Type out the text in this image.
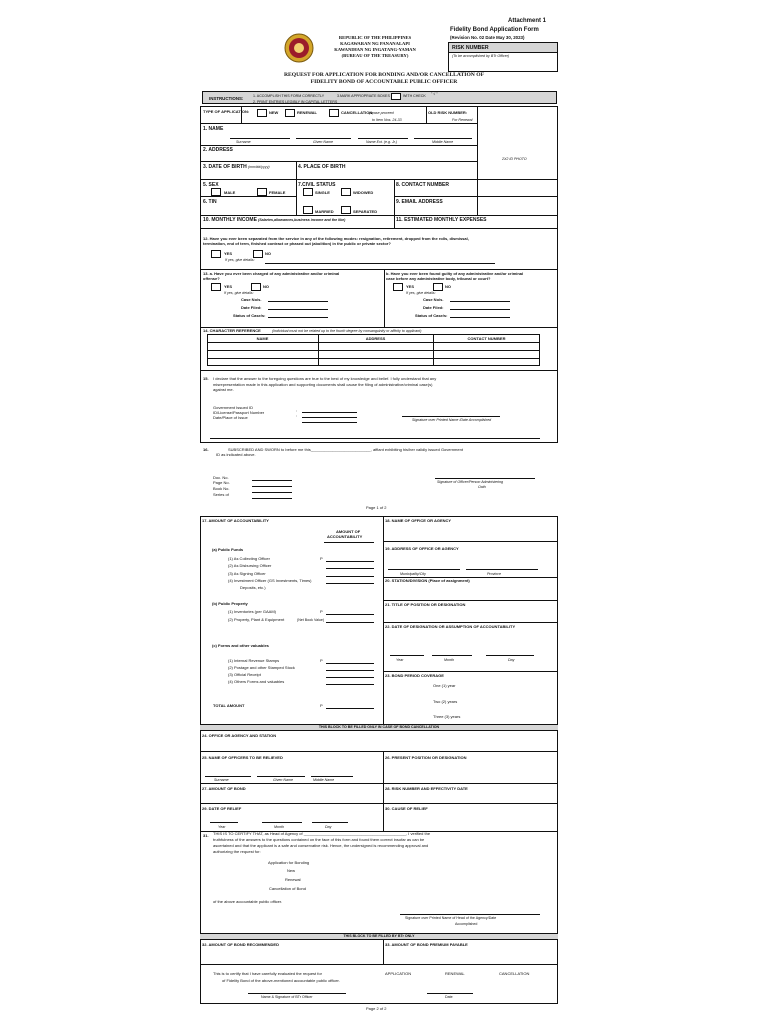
REPUBLIC OF THE PHILIPPINES
KAGAWARAN NG PANANALAPI
KAWANIHAN NG INGATANG-YAMAN
(BUREAU OF THE TREASURY)
Attachment 1
Fidelity Bond Application Form
(Revision No. 02 Date May 30, 2023)
RISK NUMBER
(To be accomplished by BTr Officer)
REQUEST FOR APPLICATION FOR BONDING AND/OR CANCELLATION OF
FIDELITY BOND OF ACCOUNTABLE PUBLIC OFFICER
INSTRUCTIONS:
1. ACCOMPLISH THIS FORM CORRECTLY
2. PRINT ENTRIES LEGIBLY IN CAPITAL LETTERS
3.MARK APPROPRIATE BOXES	WITH CHECK " √ "
TYPE OF APPLICATION:	NEW	RENEWAL	CANCELLATION,
please proceed
to Item Nos. 24-33
OLD RISK NUMBER:
For Renewal
1. NAME
Surname	Given Name	Name Ext. (e.g. Jr.)	Middle Name
2X2 ID PHOTO
2. ADDRESS
3. DATE OF BIRTH (mm/dd/yyyy)	4. PLACE OF BIRTH
5. SEX
MALE	FEMALE
7.CIVIL STATUS
SINGLE	WIDOWED
8. CONTACT NUMBER
6. TIN
MARRIED	SEPARATED
9. EMAIL ADDRESS
10. MONTHLY INCOME (Salaries,allowances,business income and the like)	11. ESTIMATED MONTHLY EXPENSES
12. Have you ever been separated from the service in any of the following modes: resignation, retirement, dropped from the rolls, dismissal,
termination, end of term, finished contract or phased out (abolition) in the public or private sector?
YES	NO
If yes, give details:
13. a. Have you ever been charged of any administrative and/or criminal
offense?
YES	NO
If yes, give details:
Case No/s.
Date Filed:
Status of Case/s:
b. Have you ever been found guilty of any administrative and/or criminal
case before any administrative body, tribunal or court?
YES	NO
If yes, give details:
Case No/s.
Date Filed:
Status of Case/s:
14. CHARACTER REFERENCE	(Individual must not be related up to the fourth degree by consanguinity or affinity to applicant)
NAME	ADDRESS	CONTACT NUMBER
15. I declare that the answer to the foregoing questions are true to the best of my knowledge and belief. I fully understand that any
misrepresentation made in this application and supporting documents shall cause the filing of administrative/criminal case(s)
against me.
Government Issued ID
ID/License/Passport Number
Date/Place of Issue
:
:
Signature over Printed Name /Date Accomplished
16.	SUBSCRIBED AND SWORN to before me this___________________________, affiant exhibiting his/her validly issued Government
ID as indicated above.
Doc. No.
Page No.
Book No.
Series of
Signature of Officer/Person Administering
Oath
Page 1 of 2
17. AMOUNT OF ACCOUNTABILITY
AMOUNT OF
ACCOUNTABILITY
(a) Public Funds
(1) As Collecting Officer
(2) As Disbursing Officer
(3) As Signing Officer
(4) Investment Officer (GS Investments, Times)
Deposits, etc.)
P
(b) Public Property
(1) Inventories (per GAAM)
(2) Property, Plant & Equipment	(Net Book Value)
P
(c) Forms and other valuables
(1) Internal Revenue Stamps
(2) Postage and other Stamped Stock
(3) Official Receipt
(4) Others Forms and valuables
P
TOTAL AMOUNT	P
18. NAME OF OFFICE OR AGENCY
19. ADDRESS OF OFFICE OR AGENCY
Municipality/City	Province
20. STATION/DIVISION (Place of assignment)
21. TITLE OF POSITION OR DESIGNATION
22. DATE OF DESIGNATION OR ASSUMPTION OF ACCOUNTABILITY
Year	Month	Day
23. BOND PERIOD COVERAGE
One (1) year
Two (2) years
Three (3) years
THIS BLOCK TO BE FILLED ONLY IN CASE OF BOND CANCELLATION
24. OFFICE OR AGENCY AND STATION
25. NAME OF OFFICERS TO BE RELIEVED
Surname	Given Name	Middle Name
26. PRESENT POSITION OR DESIGNATION
27. AMOUNT OF BOND	28. RISK NUMBER AND EFFECTIVITY DATE
29. DATE OF RELIEF
Year	Month	Day
30. CAUSE OF RELIEF
31. THIS IS TO CERTIFY THAT, as Head of Agency of ______________________________________________, I verified the
truthfulness of the answers to the questions contained on the face of this form and found them correct insofar as can be
ascertained and that the applicant is a safe and conservative risk. Hence, the undersigned is recommending approval and
authorizing the request for:
Application for Bonding
New
Renewal
Cancellation of Bond
of the above accountable public officer.
Signature over Printed Name of Head of the Agency/Date
Accomplished
THIS BLOCK TO BE FILLED BY BTr ONLY
32. AMOUNT OF BOND RECOMMENDED	33. AMOUNT OF BOND PREMIUM PAYABLE
This is to certify that I have carefully evaluated the request for
of Fidelity Bond of the above-mentioned accountable public officer.
APPLICATION	RENEWAL	CANCELLATION
Name & Signature of BTr Officer	Date
Page 2 of 2
